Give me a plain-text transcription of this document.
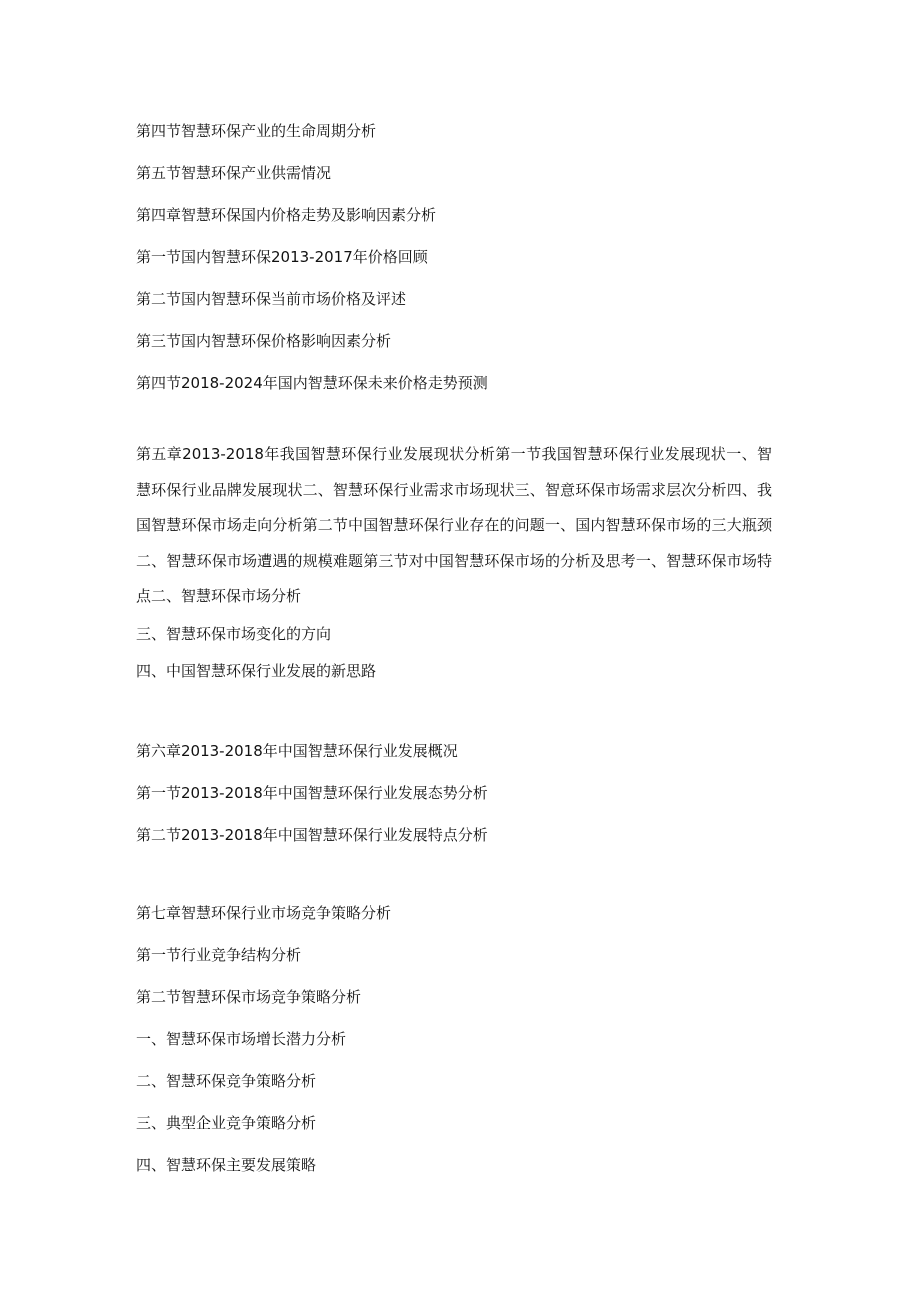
第四节智慧环保产业的生命周期分析
第五节智慧环保产业供需情况
第四章智慧环保国内价格走势及影响因素分析
第一节国内智慧环保2013-2017年价格回顾
第二节国内智慧环保当前市场价格及评述
第三节国内智慧环保价格影响因素分析
第四节2018-2024年国内智慧环保未来价格走势预测
第五章2013-2018年我国智慧环保行业发展现状分析第一节我国智慧环保行业发展现状一、智慧环保行业品牌发展现状二、智慧环保行业需求市场现状三、智意环保市场需求层次分析四、我国智慧环保市场走向分析第二节中国智慧环保行业存在的问题一、国内智慧环保市场的三大瓶颈二、智慧环保市场遭遇的规模难题第三节对中国智慧环保市场的分析及思考一、智慧环保市场特点二、智慧环保市场分析
三、智慧环保市场变化的方向
四、中国智慧环保行业发展的新思路
第六章2013-2018年中国智慧环保行业发展概况
第一节2013-2018年中国智慧环保行业发展态势分析
第二节2013-2018年中国智慧环保行业发展特点分析
第七章智慧环保行业市场竞争策略分析
第一节行业竞争结构分析
第二节智慧环保市场竞争策略分析
一、智慧环保市场增长潜力分析
二、智慧环保竞争策略分析
三、典型企业竞争策略分析
四、智慧环保主要发展策略
